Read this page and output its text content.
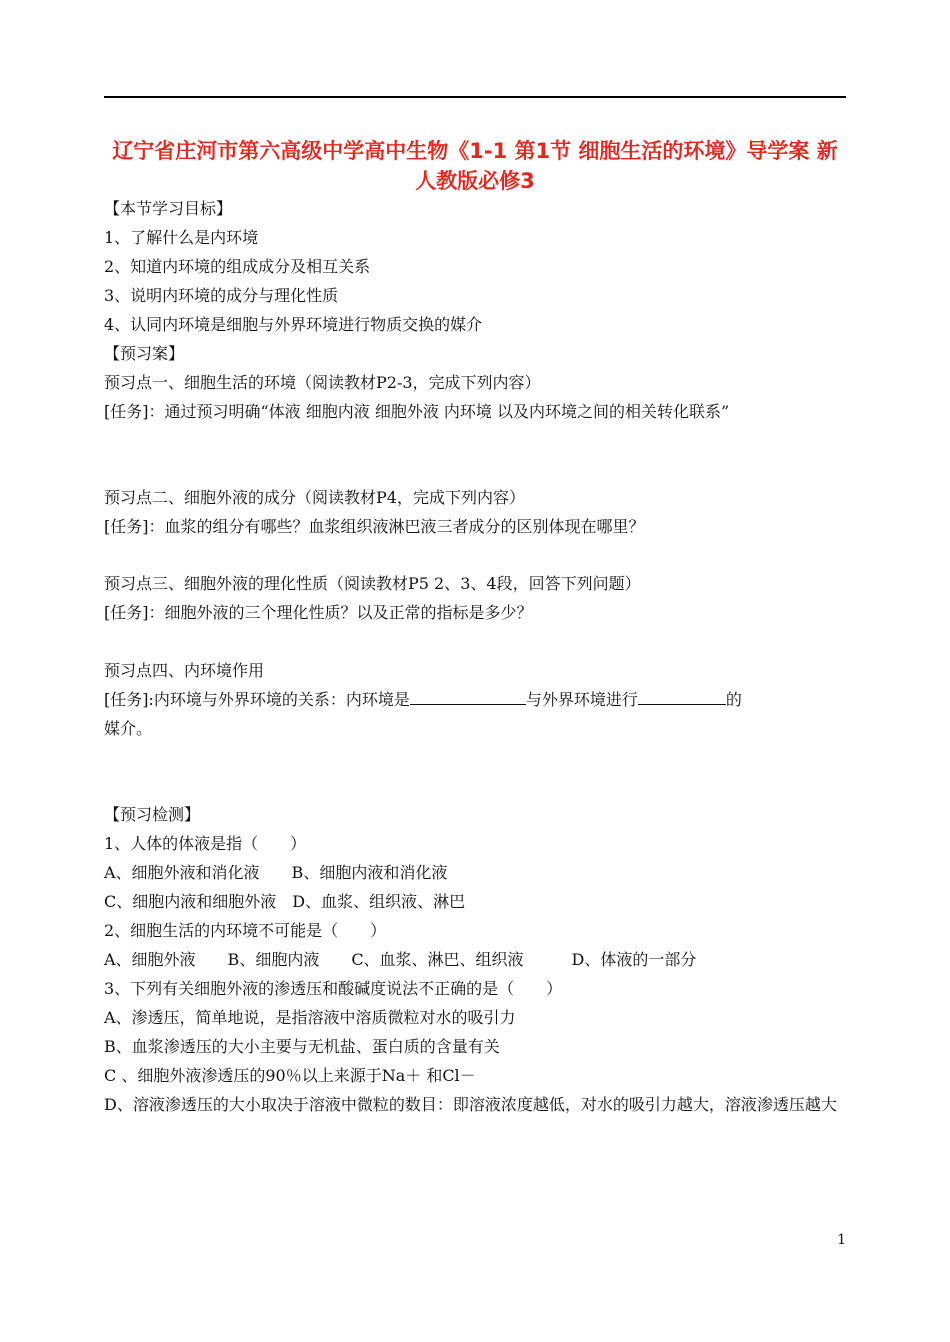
辽宁省庄河市第六高级中学高中生物《1-1 第1节 细胞生活的环境》导学案 新人教版必修3
【本节学习目标】
1、了解什么是内环境
2、知道内环境的组成成分及相互关系
3、说明内环境的成分与理化性质
4、认同内环境是细胞与外界环境进行物质交换的媒介
【预习案】
预习点一、细胞生活的环境（阅读教材P2-3，完成下列内容）
[任务]：通过预习明确“体液 细胞内液 细胞外液 内环境 以及内环境之间的相关转化联系”
预习点二、细胞外液的成分（阅读教材P4，完成下列内容）
[任务]：血浆的组分有哪些？血浆组织液淋巴液三者成分的区别体现在哪里？
预习点三、细胞外液的理化性质（阅读教材P5 2、3、4段，回答下列问题）
[任务]：细胞外液的三个理化性质？以及正常的指标是多少？
预习点四、内环境作用
[任务]:内环境与外界环境的关系：内环境是	与外界环境进行	的
媒介。
【预习检测】
1、人体的体液是指（　　）
A、细胞外液和消化液　　B、细胞内液和消化液
C、细胞内液和细胞外液　D、血浆、组织液、淋巴
2、细胞生活的内环境不可能是（　　）
A、细胞外液　　B、细胞内液　　C、血浆、淋巴、组织液　　　D、体液的一部分
3、下列有关细胞外液的渗透压和酸碱度说法不正确的是（　　）
A、渗透压，简单地说，是指溶液中溶质微粒对水的吸引力
B、血浆渗透压的大小主要与无机盐、蛋白质的含量有关
C 、细胞外液渗透压的90％以上来源于Na＋ 和Cl－
D、溶液渗透压的大小取决于溶液中微粒的数目：即溶液浓度越低，对水的吸引力越大，溶液渗透压越大
1
